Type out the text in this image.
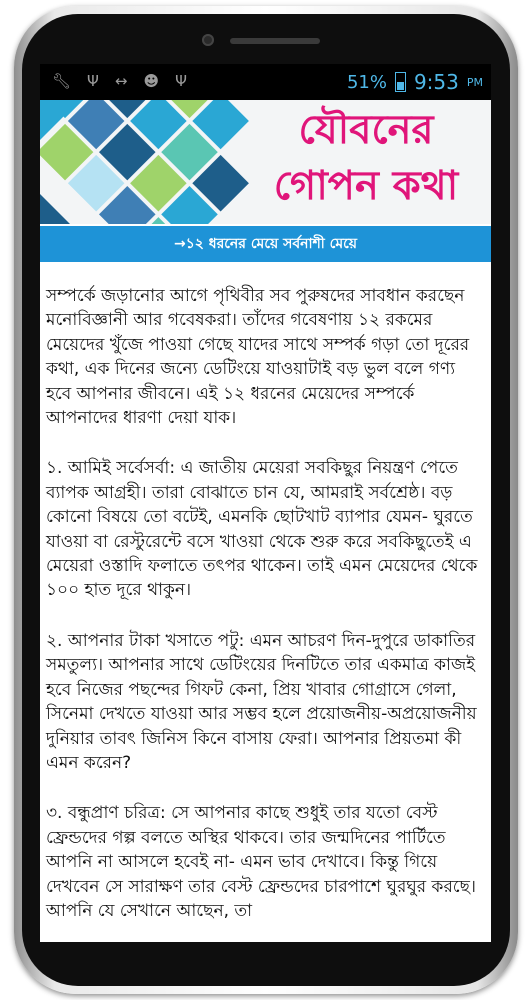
🔧︎ Ψ ↔ ☻ Ψ	51% 9:53 PM
যৌবনের
গোপন কথা
→১২ ধরনের মেয়ে সর্বনাশী মেয়ে

সম্পর্কে জড়ানোর আগে পৃথিবীর সব পুরুষদের সাবধান করছেন মনোবিজ্ঞানী আর গবেষকরা। তাঁদের গবেষণায় ১২ রকমের মেয়েদের খুঁজে পাওয়া গেছে যাদের সাথে সম্পর্ক গড়া তো দূরের কথা, এক দিনের জন্যে ডেটিংয়ে যাওয়াটাই বড় ভুল বলে গণ্য হবে আপনার জীবনে। এই ১২ ধরনের মেয়েদের সম্পর্কে আপনাদের ধারণা দেয়া যাক।

১. আমিই সর্বেসর্বা: এ জাতীয় মেয়েরা সবকিছুর নিয়ন্ত্রণ পেতে ব্যাপক আগ্রহী। তারা বোঝাতে চান যে, আমরাই সর্বশ্রেষ্ঠ। বড় কোনো বিষয়ে তো বটেই, এমনকি ছোটখাট ব্যাপার যেমন- ঘুরতে যাওয়া বা রেস্টুরেন্টে বসে খাওয়া থেকে শুরু করে সবকিছুতেই এ মেয়েরা ওস্তাদি ফলাতে তৎপর থাকেন। তাই এমন মেয়েদের থেকে ১০০ হাত দূরে থাকুন।

২. আপনার টাকা খসাতে পটু: এমন আচরণ দিন-দুপুরে ডাকাতির সমতুল্য। আপনার সাথে ডেটিংয়ের দিনটিতে তার একমাত্র কাজই হবে নিজের পছন্দের গিফট কেনা, প্রিয় খাবার গোগ্রাসে গেলা, সিনেমা দেখতে যাওয়া আর সম্ভব হলে প্রয়োজনীয়-অপ্রয়োজনীয় দুনিয়ার তাবৎ জিনিস কিনে বাসায় ফেরা। আপনার প্রিয়তমা কী এমন করেন?

৩. বন্ধুপ্রাণ চরিত্র: সে আপনার কাছে শুধুই তার যতো বেস্ট ফ্রেন্ডদের গল্প বলতে অস্থির থাকবে। তার জন্মদিনের পার্টিতে আপনি না আসলে হবেই না- এমন ভাব দেখাবে। কিন্তু গিয়ে দেখবেন সে সারাক্ষণ তার বেস্ট ফ্রেন্ডদের চারপাশে ঘুরঘুর করছে। আপনি যে সেখানে আছেন, তা
